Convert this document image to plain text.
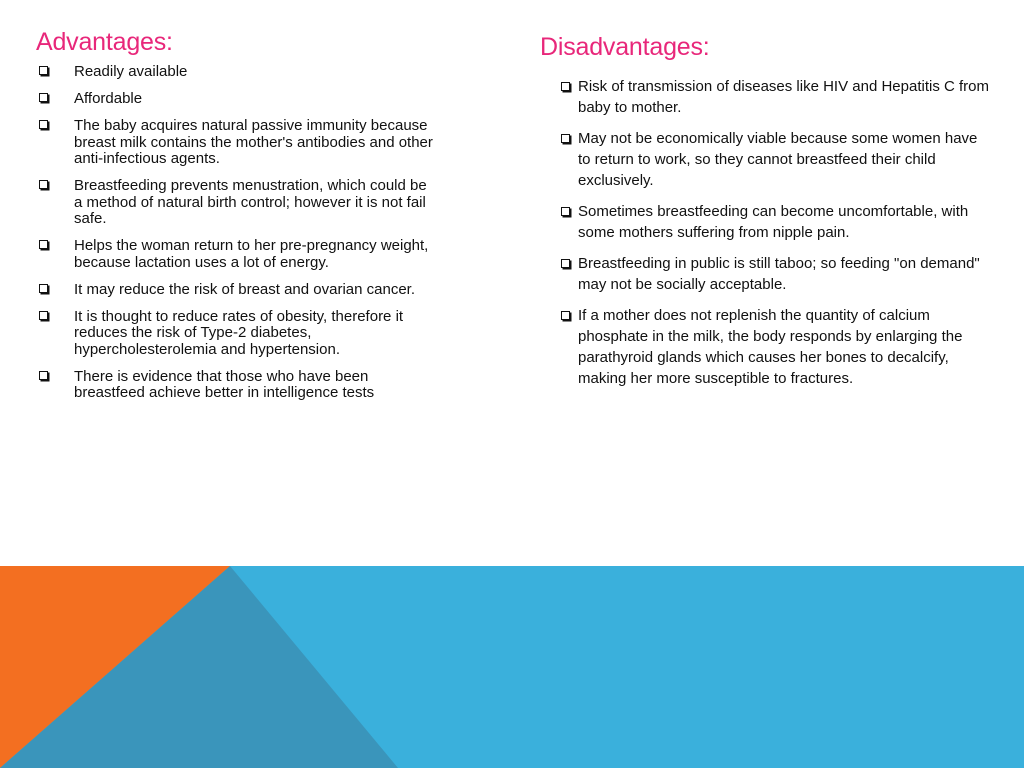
Advantages:
Readily available
Affordable
The baby acquires natural passive immunity because breast milk contains the mother's antibodies and other anti-infectious agents.
Breastfeeding prevents menustration, which could be a method of natural birth control; however it is not fail safe.
Helps the woman return to her pre-pregnancy weight, because lactation uses a lot of energy.
It may reduce the risk of breast and ovarian cancer.
It is thought to reduce rates of obesity, therefore it reduces the risk of Type-2 diabetes, hypercholesterolemia and hypertension.
There is evidence that those who have been breastfeed achieve better in intelligence tests
Disadvantages:
Risk of transmission of diseases like HIV and Hepatitis C from baby to mother.
May not be economically viable because some women have to return to work, so they cannot breastfeed their child exclusively.
Sometimes breastfeeding can become uncomfortable, with some mothers suffering from nipple pain.
Breastfeeding in public is still taboo; so feeding "on demand" may not be socially acceptable.
If a mother does not replenish the quantity of calcium phosphate in the milk, the body responds by enlarging the parathyroid glands which causes her bones to decalcify, making her more susceptible to fractures.
